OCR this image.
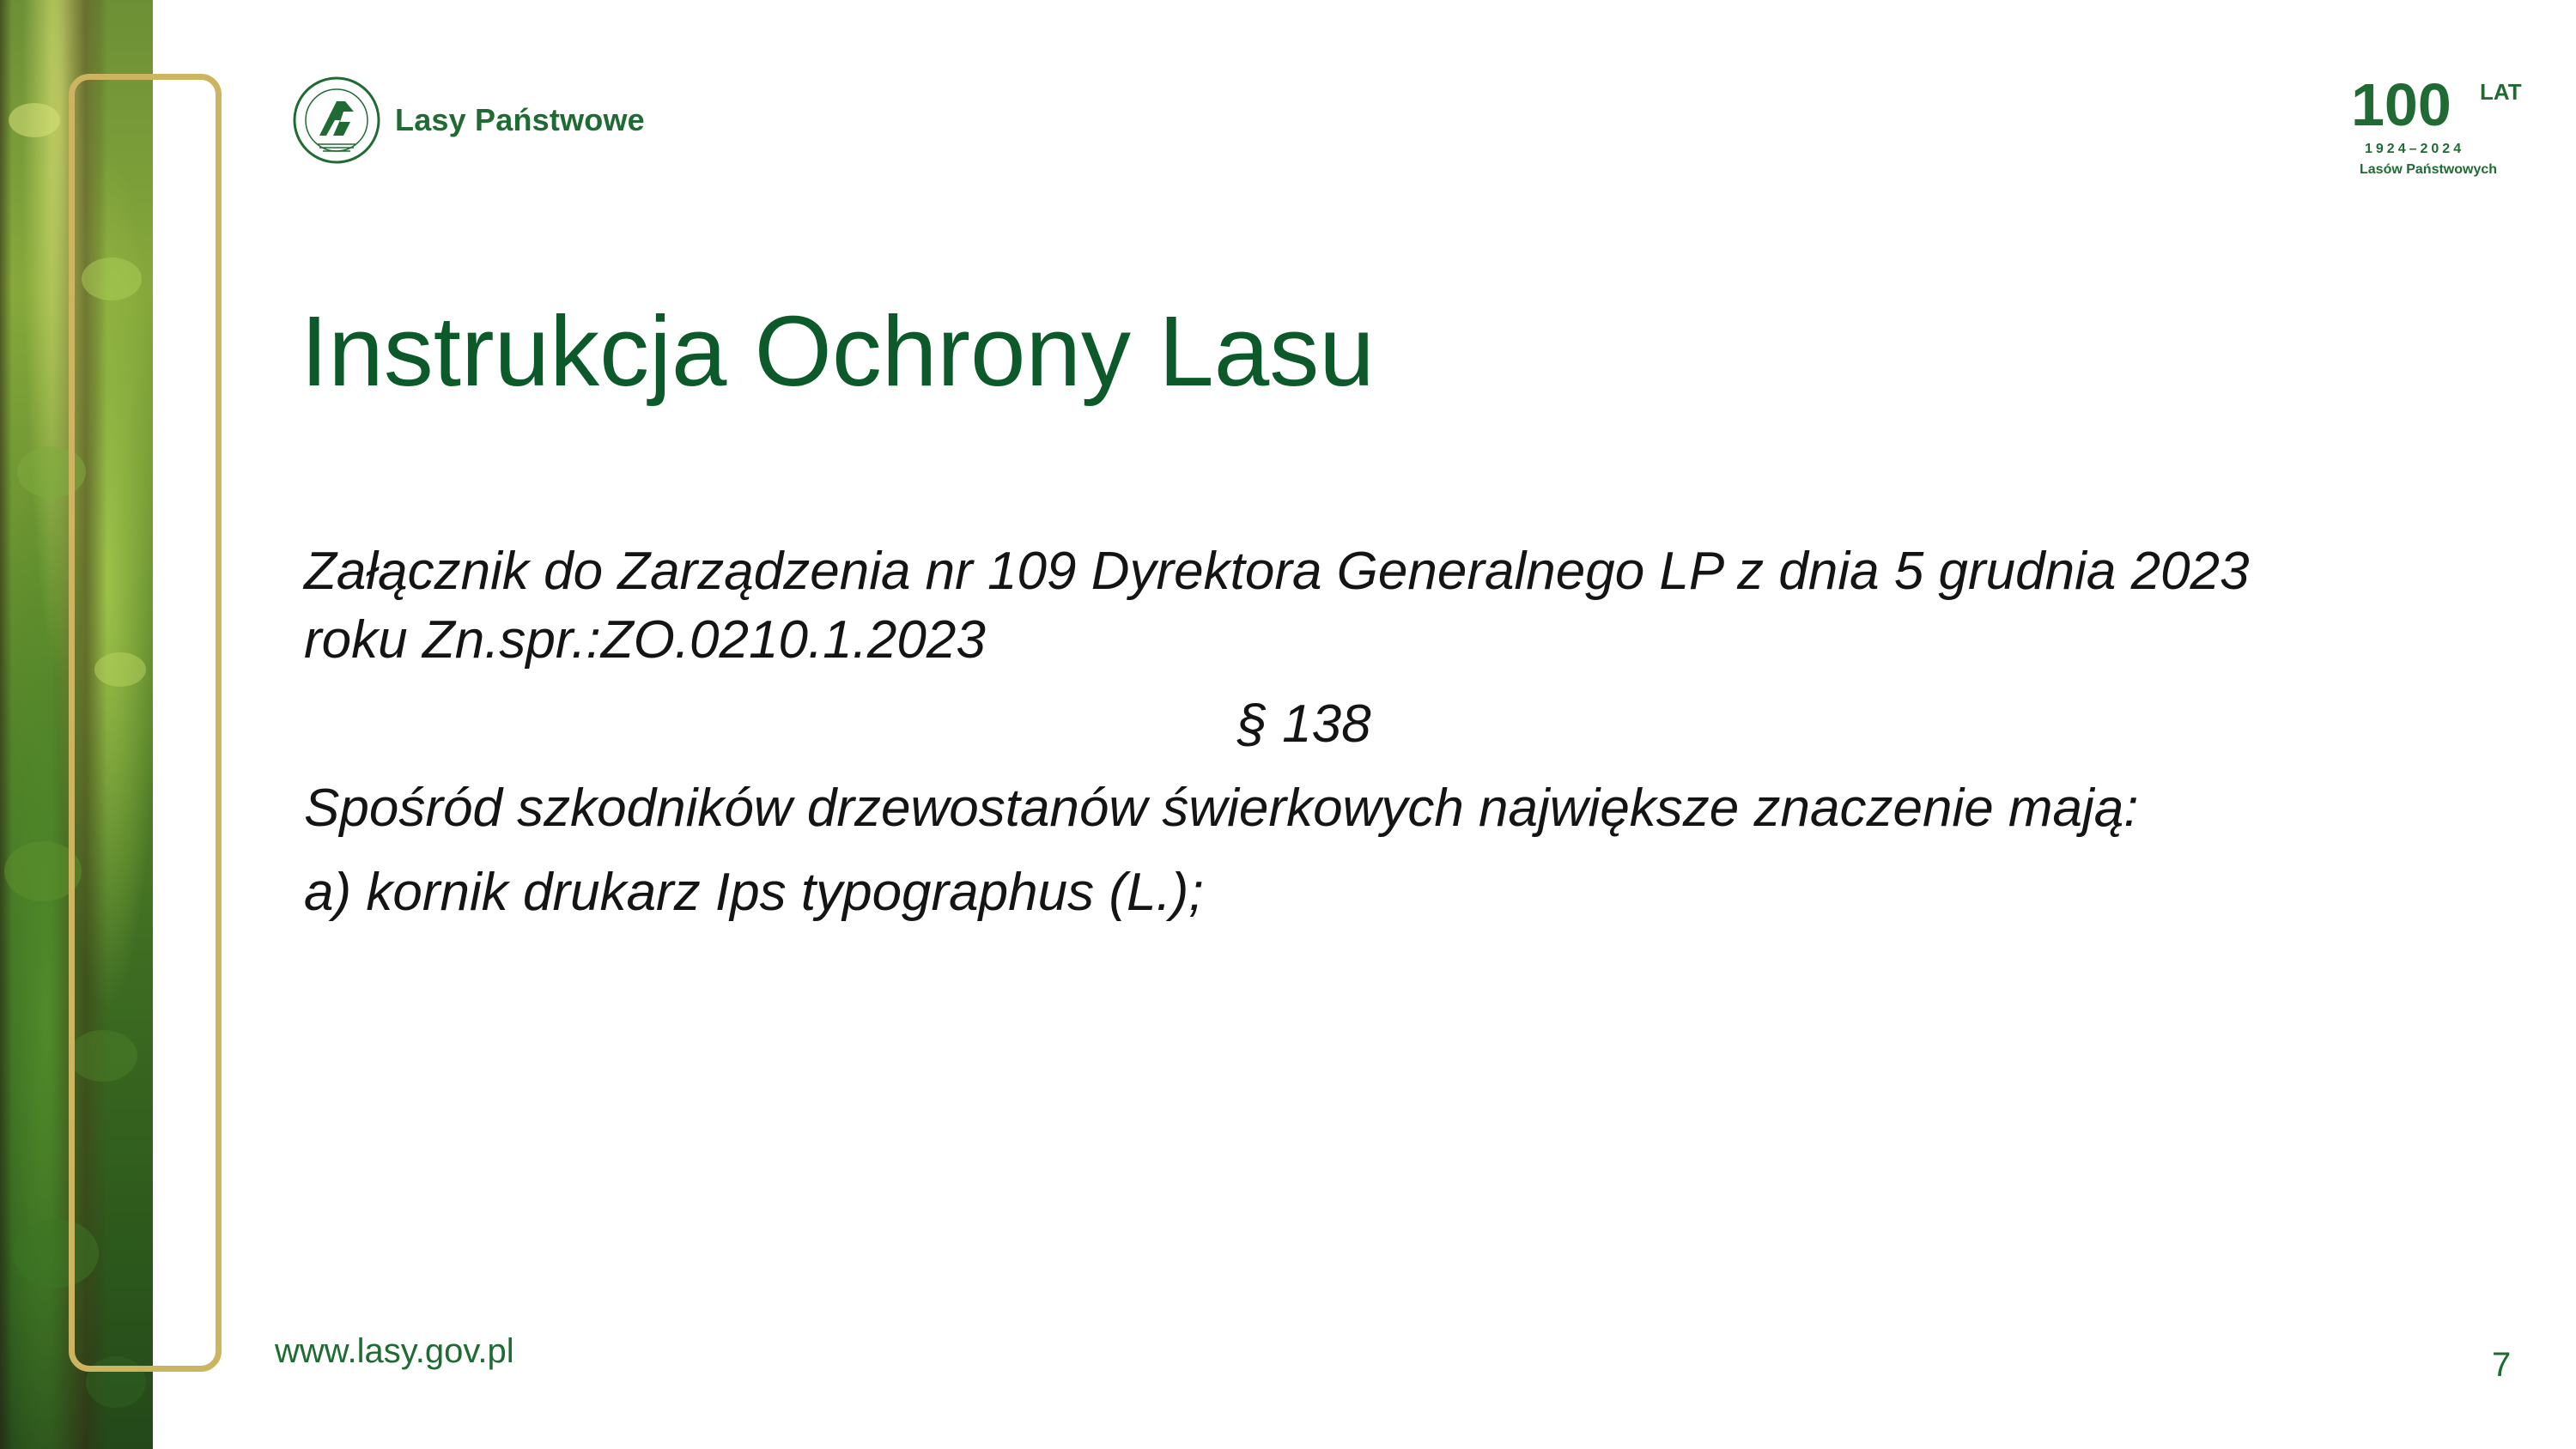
Lasy Państwowe	100 LAT
1924–2024
Lasów Państwowych
Instrukcja Ochrony Lasu

Załącznik do Zarządzenia nr 109 Dyrektora Generalnego LP z dnia 5 grudnia 2023 roku Zn.spr.:ZO.0210.1.2023

§ 138

Spośród szkodników drzewostanów świerkowych największe znaczenie mają:

a) kornik drukarz Ips typographus (L.);

www.lasy.gov.pl	7
